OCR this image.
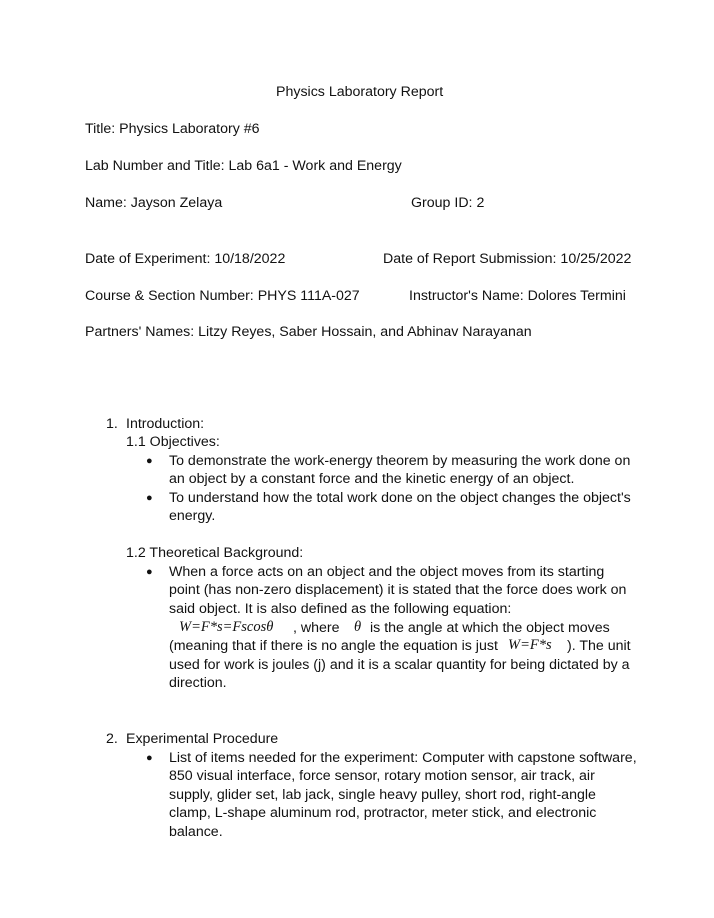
Physics Laboratory Report
Title: Physics Laboratory #6
Lab Number and Title: Lab 6a1 - Work and Energy
Name: Jayson Zelaya	Group ID: 2
Date of Experiment: 10/18/2022	Date of Report Submission: 10/25/2022
Course & Section Number: PHYS 111A-027	Instructor's Name: Dolores Termini
Partners' Names: Litzy Reyes, Saber Hossain, and Abhinav Narayanan
1. Introduction:
1.1 Objectives:
● To demonstrate the work-energy theorem by measuring the work done on
an object by a constant force and the kinetic energy of an object.
● To understand how the total work done on the object changes the object's
energy.
1.2 Theoretical Background:
● When a force acts on an object and the object moves from its starting
point (has non-zero displacement) it is stated that the force does work on
said object. It is also defined as the following equation:
W=F*s=Fscosθ , where θ is the angle at which the object moves
(meaning that if there is no angle the equation is just W=F*s ). The unit
used for work is joules (j) and it is a scalar quantity for being dictated by a
direction.
2. Experimental Procedure
● List of items needed for the experiment: Computer with capstone software,
850 visual interface, force sensor, rotary motion sensor, air track, air
supply, glider set, lab jack, single heavy pulley, short rod, right-angle
clamp, L-shape aluminum rod, protractor, meter stick, and electronic
balance.
